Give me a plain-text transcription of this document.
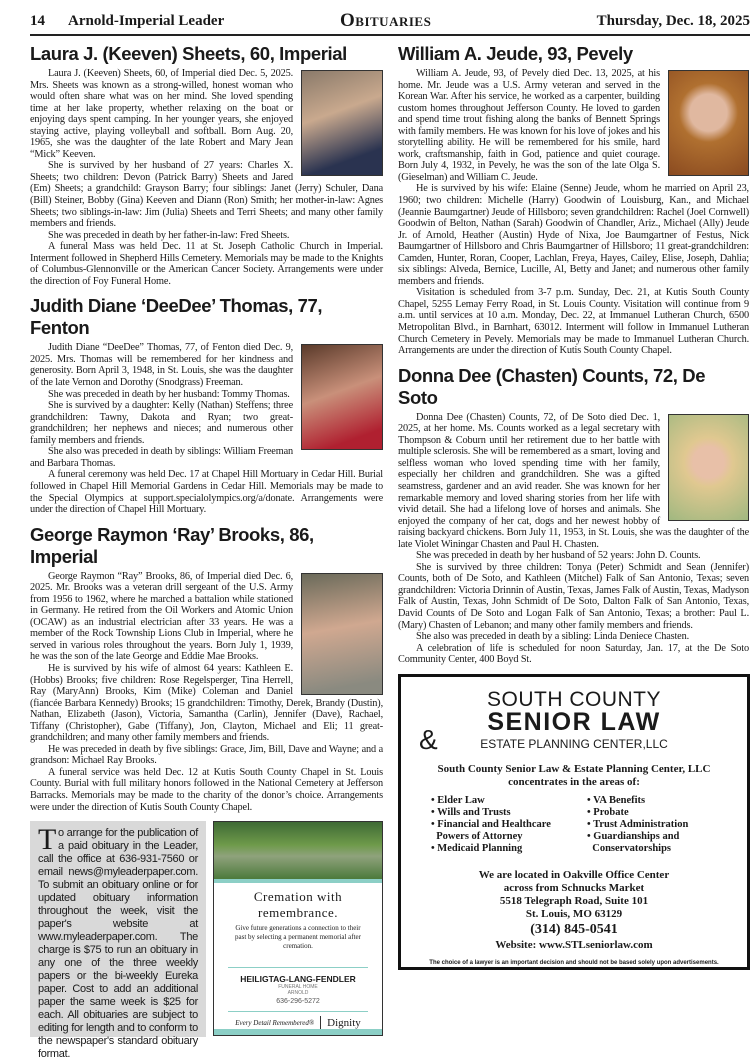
14 Arnold-Imperial Leader	Obituaries	Thursday, Dec. 18, 2025
Laura J. (Keeven) Sheets, 60, Imperial

Laura J. (Keeven) Sheets, 60, of Imperial died Dec. 5, 2025. Mrs. Sheets was known as a strong-willed, honest woman who would often share what was on her mind. She loved spending time at her lake property, whether relaxing on the boat or enjoying days spent camping. In her younger years, she enjoyed staying active, playing volleyball and softball. Born Aug. 20, 1965, she was the daughter of the late Robert and Mary Jean “Mick” Keeven.

She is survived by her husband of 27 years: Charles X. Sheets; two children: Devon (Patrick Barry) Sheets and Jared (Em) Sheets; a grandchild: Grayson Barry; four siblings: Janet (Jerry) Schuler, Dana (Bill) Steiner, Bobby (Gina) Keeven and Diann (Ron) Smith; her mother-in-law: Agnes Sheets; two siblings-in-law: Jim (Julia) Sheets and Terri Sheets; and many other family members and friends.

She was preceded in death by her father-in-law: Fred Sheets.

A funeral Mass was held Dec. 11 at St. Joseph Catholic Church in Imperial. Interment followed in Shepherd Hills Cemetery. Memorials may be made to the Knights of Columbus-Glennonville or the American Cancer Society. Arrangements were under the direction of Foy Funeral Home.

Judith Diane ‘DeeDee’ Thomas, 77, Fenton

Judith Diane “DeeDee” Thomas, 77, of Fenton died Dec. 9, 2025. Mrs. Thomas will be remembered for her kindness and generosity. Born April 3, 1948, in St. Louis, she was the daughter of the late Vernon and Dorothy (Snodgrass) Freeman.

She was preceded in death by her husband: Tommy Thomas.

She is survived by a daughter: Kelly (Nathan) Steffens; three grandchildren: Tawny, Dakota and Ryan; two great-grandchildren; her nephews and nieces; and numerous other family members and friends.

She also was preceded in death by siblings: William Freeman and Barbara Thomas.

A funeral ceremony was held Dec. 17 at Chapel Hill Mortuary in Cedar Hill. Burial followed in Chapel Hill Memorial Gardens in Cedar Hill. Memorials may be made to the Special Olympics at support.specialolympics.org/a/donate. Arrangements were under the direction of Chapel Hill Mortuary.

George Raymon ‘Ray’ Brooks, 86, Imperial

George Raymon “Ray” Brooks, 86, of Imperial died Dec. 6, 2025. Mr. Brooks was a veteran drill sergeant of the U.S. Army from 1956 to 1962, where he marched a battalion while stationed in Germany. He retired from the Oil Workers and Atomic Union (OCAW) as an industrial electrician after 33 years. He was a member of the Rock Township Lions Club in Imperial, where he served in various roles throughout the years. Born July 1, 1939, he was the son of the late George and Eddie Mae Brooks.

He is survived by his wife of almost 64 years: Kathleen E. (Hobbs) Brooks; five children: Rose Regelsperger, Tina Herrell, Ray (MaryAnn) Brooks, Kim (Mike) Coleman and Daniel (fiancée Barbara Kennedy) Brooks; 15 grandchildren: Timothy, Derek, Brandy (Dustin), Nathan, Elizabeth (Jason), Victoria, Samantha (Carlin), Jennifer (Dave), Rachael, Tiffany (Christopher), Gabe (Tiffany), Jon, Clayton, Michael and Eli; 11 great-grandchildren; and many other family members and friends.

He was preceded in death by five siblings: Grace, Jim, Bill, Dave and Wayne; and a grandson: Michael Ray Brooks.

A funeral service was held Dec. 12 at Kutis South County Chapel in St. Louis County. Burial with full military honors followed in the National Cemetery at Jefferson Barracks. Memorials may be made to the charity of the donor’s choice. Arrangements were under the direction of Kutis South County Chapel.

To arrange for the publication of a paid obituary in the Leader, call the office at 636-931-7560 or email news@myleaderpaper.com. To submit an obituary online or for updated obituary information throughout the week, visit the paper's website at www.myleaderpaper.com. The charge is $75 to run an obituary in any one of the three weekly papers or the bi-weekly Eureka paper. Cost to add an additional paper the same week is $25 for each. All obituaries are subject to editing for length and to conform to the newspaper's standard obituary format.
Cremation with remembrance.
Give future generations a connection to their past by selecting a permanent memorial after cremation.
HEILIGTAG-LANG-FENDLER
FUNERAL HOME
ARNOLD
636-296-5272
Every Detail Remembered® Dignity
William A. Jeude, 93, Pevely

William A. Jeude, 93, of Pevely died Dec. 13, 2025, at his home. Mr. Jeude was a U.S. Army veteran and served in the Korean War. After his service, he worked as a carpenter, building custom homes throughout Jefferson County. He loved to garden and spend time trout fishing along the banks of Bennett Springs with family members. He was known for his love of jokes and his storytelling ability. He will be remembered for his smile, hard work, craftsmanship, faith in God, patience and quiet courage. Born July 4, 1932, in Pevely, he was the son of the late Olga S. (Gieselman) and William C. Jeude.

He is survived by his wife: Elaine (Senne) Jeude, whom he married on April 23, 1960; two children: Michelle (Harry) Goodwin of Louisburg, Kan., and Michael (Jeannie Baumgartner) Jeude of Hillsboro; seven grandchildren: Rachel (Joel Cornwell) Goodwin of Belton, Nathan (Sarah) Goodwin of Chandler, Ariz., Michael (Ally) Jeude Jr. of Arnold, Heather (Austin) Hyde of Nixa, Joe Baumgartner of Festus, Nick Baumgartner of Hillsboro and Chris Baumgartner of Hillsboro; 11 great-grandchildren: Camden, Hunter, Roran, Cooper, Lachlan, Freya, Hayes, Cailey, Elise, Joseph, Dahlia; six siblings: Alveda, Bernice, Lucille, Al, Betty and Janet; and numerous other family members and friends.

Visitation is scheduled from 3-7 p.m. Sunday, Dec. 21, at Kutis South County Chapel, 5255 Lemay Ferry Road, in St. Louis County. Visitation will continue from 9 a.m. until services at 10 a.m. Monday, Dec. 22, at Immanuel Lutheran Church, 6500 Metropolitan Blvd., in Barnhart, 63012. Interment will follow in Immanuel Lutheran Church Cemetery in Pevely. Memorials may be made to Immanuel Lutheran Church. Arrangements are under the direction of Kutis South County Chapel.

Donna Dee (Chasten) Counts, 72, De Soto

Donna Dee (Chasten) Counts, 72, of De Soto died Dec. 1, 2025, at her home. Ms. Counts worked as a legal secretary with Thompson & Coburn until her retirement due to her battle with multiple sclerosis. She will be remembered as a smart, loving and selfless woman who loved spending time with her family, especially her children and grandchildren. She was a gifted seamstress, gardener and an avid reader. She was known for her remarkable memory and loved sharing stories from her life with vivid detail. She had a lifelong love of horses and animals. She enjoyed the company of her cat, dogs and her newest hobby of raising backyard chickens. Born July 11, 1953, in St. Louis, she was the daughter of the late Violet Winingar Chasten and Paul H. Chasten.

She was preceded in death by her husband of 52 years: John D. Counts.

She is survived by three children: Tonya (Peter) Schmidt and Sean (Jennifer) Counts, both of De Soto, and Kathleen (Mitchel) Falk of San Antonio, Texas; seven grandchildren: Victoria Drinnin of Austin, Texas, James Falk of Austin, Texas, Madyson Falk of Austin, Texas, John Schmidt of De Soto, Dalton Falk of San Antonio, Texas, David Counts of De Soto and Logan Falk of San Antonio, Texas; a brother: Paul L. (Mary) Chasten of Lebanon; and many other family members and friends.

She also was preceded in death by a sibling: Linda Deniece Chasten.

A celebration of life is scheduled for noon Saturday, Jan. 17, at the De Soto Community Center, 400 Boyd St.

SOUTH COUNTY
SENIOR LAW
&	ESTATE PLANNING CENTER,LLC
South County Senior Law & Estate Planning Center, LLC
concentrates in the areas of:
• Elder Law
• Wills and Trusts
• Financial and Healthcare
Powers of Attorney
• Medicaid Planning
• VA Benefits
• Probate
• Trust Administration
• Guardianships and
Conservatorships
We are located in Oakville Office Center
across from Schnucks Market
5518 Telegraph Road, Suite 101
St. Louis, MO 63129
(314) 845-0541
Website: www.STLseniorlaw.com
The choice of a lawyer is an important decision and should not be based solely upon advertisements.
